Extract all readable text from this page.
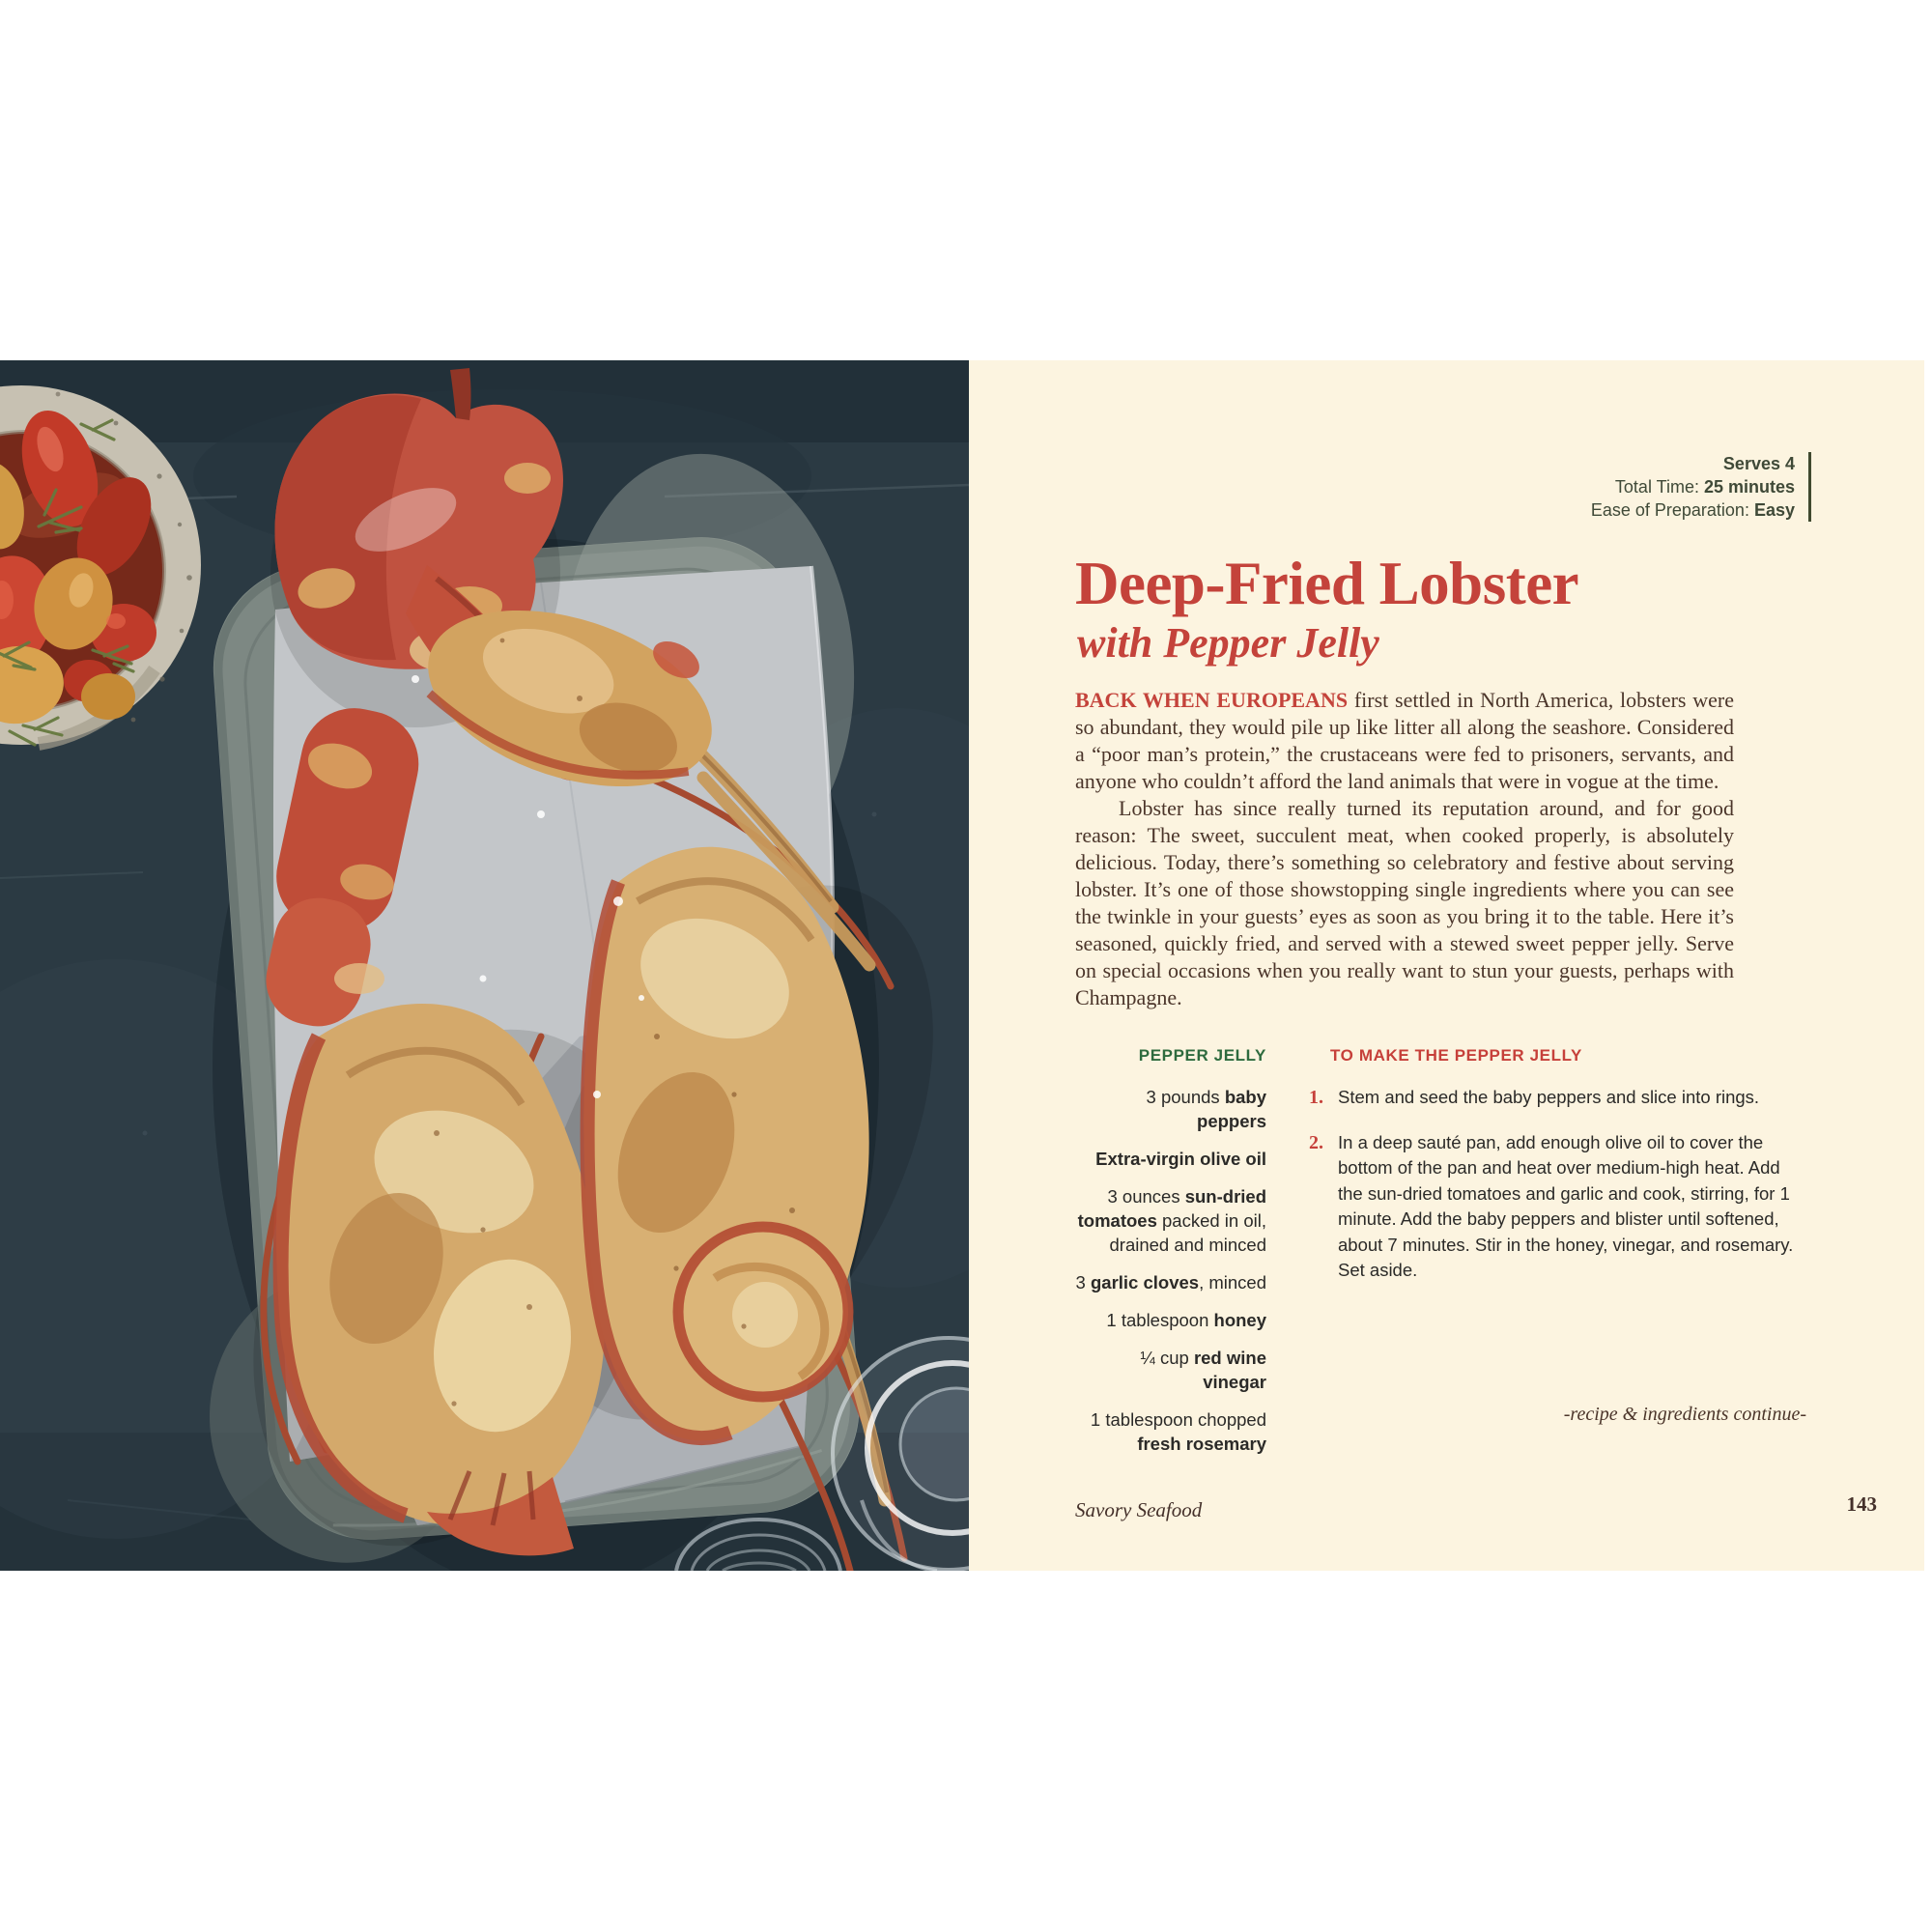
Serves 4
Total Time: 25 minutes
Ease of Preparation: Easy
Deep-Fried Lobster
with Pepper Jelly

BACK WHEN EUROPEANS first settled in North America, lobsters were so abundant, they would pile up like litter all along the seashore. Considered a “poor man’s protein,” the crustaceans were fed to prisoners, servants, and anyone who couldn’t afford the land animals that were in vogue at the time.

Lobster has since really turned its reputation around, and for good reason: The sweet, succulent meat, when cooked properly, is absolutely delicious. Today, there’s something so celebratory and festive about serving lobster. It’s one of those showstopping single ingredients where you can see the twinkle in your guests’ eyes as soon as you bring it to the table. Here it’s seasoned, quickly fried, and served with a stewed sweet pepper jelly. Serve on special occasions when you really want to stun your guests, perhaps with Champagne.

PEPPER JELLY
3 pounds baby peppers
Extra-virgin olive oil
3 ounces sun-dried tomatoes packed in oil, drained and minced
3 garlic cloves, minced
1 tablespoon honey
¼ cup red wine vinegar
1 tablespoon chopped fresh rosemary
TO MAKE THE PEPPER JELLY
1. Stem and seed the baby peppers and slice into rings.
2. In a deep sauté pan, add enough olive oil to cover the bottom of the pan and heat over medium-high heat. Add the sun-dried tomatoes and garlic and cook, stirring, for 1 minute. Add the baby peppers and blister until softened, about 7 minutes. Stir in the honey, vinegar, and rosemary. Set aside.
-recipe & ingredients continue-
Savory Seafood	143
